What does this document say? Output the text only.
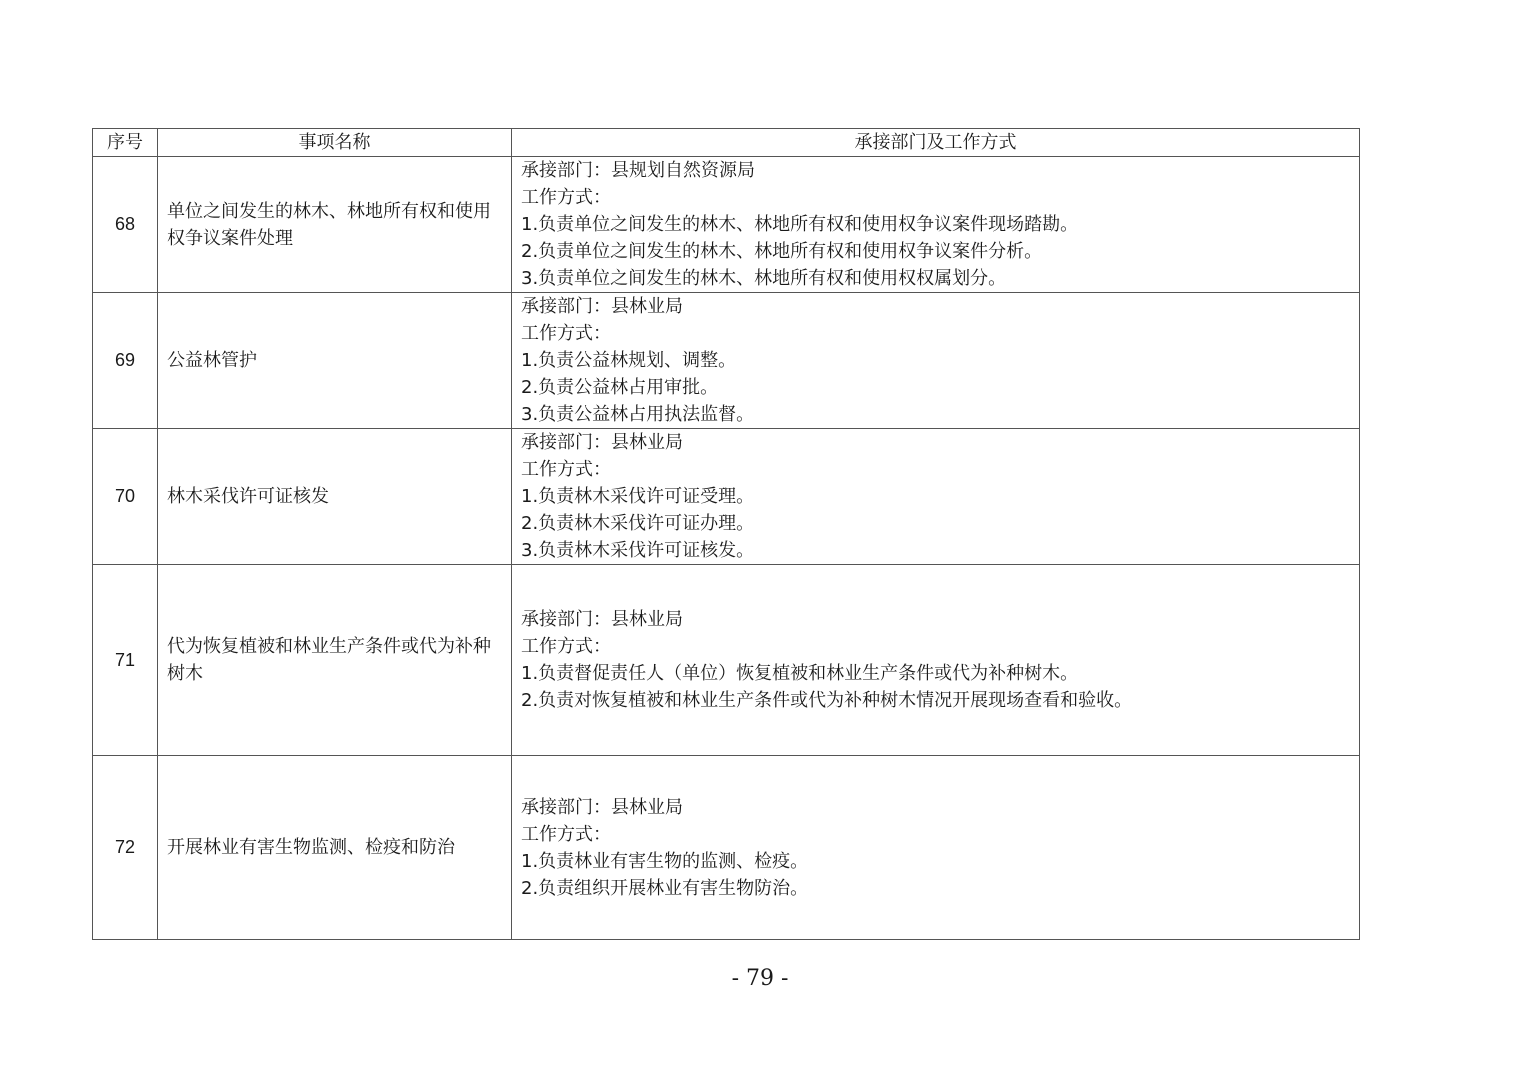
序号	事项名称	承接部门及工作方式
68	单位之间发生的林木、林地所有权和使用权争议案件处理	承接部门：县规划自然资源局
工作方式：
1.负责单位之间发生的林木、林地所有权和使用权争议案件现场踏勘。
2.负责单位之间发生的林木、林地所有权和使用权争议案件分析。
3.负责单位之间发生的林木、林地所有权和使用权权属划分。

69	公益林管护	承接部门：县林业局
工作方式：
1.负责公益林规划、调整。
2.负责公益林占用审批。
3.负责公益林占用执法监督。

70	林木采伐许可证核发	承接部门：县林业局
工作方式：
1.负责林木采伐许可证受理。
2.负责林木采伐许可证办理。
3.负责林木采伐许可证核发。

71	代为恢复植被和林业生产条件或代为补种树木	承接部门：县林业局
工作方式：
1.负责督促责任人（单位）恢复植被和林业生产条件或代为补种树木。
2.负责对恢复植被和林业生产条件或代为补种树木情况开展现场查看和验收。

72	开展林业有害生物监测、检疫和防治	承接部门：县林业局
工作方式：
1.负责林业有害生物的监测、检疫。
2.负责组织开展林业有害生物防治。
- 79 -
